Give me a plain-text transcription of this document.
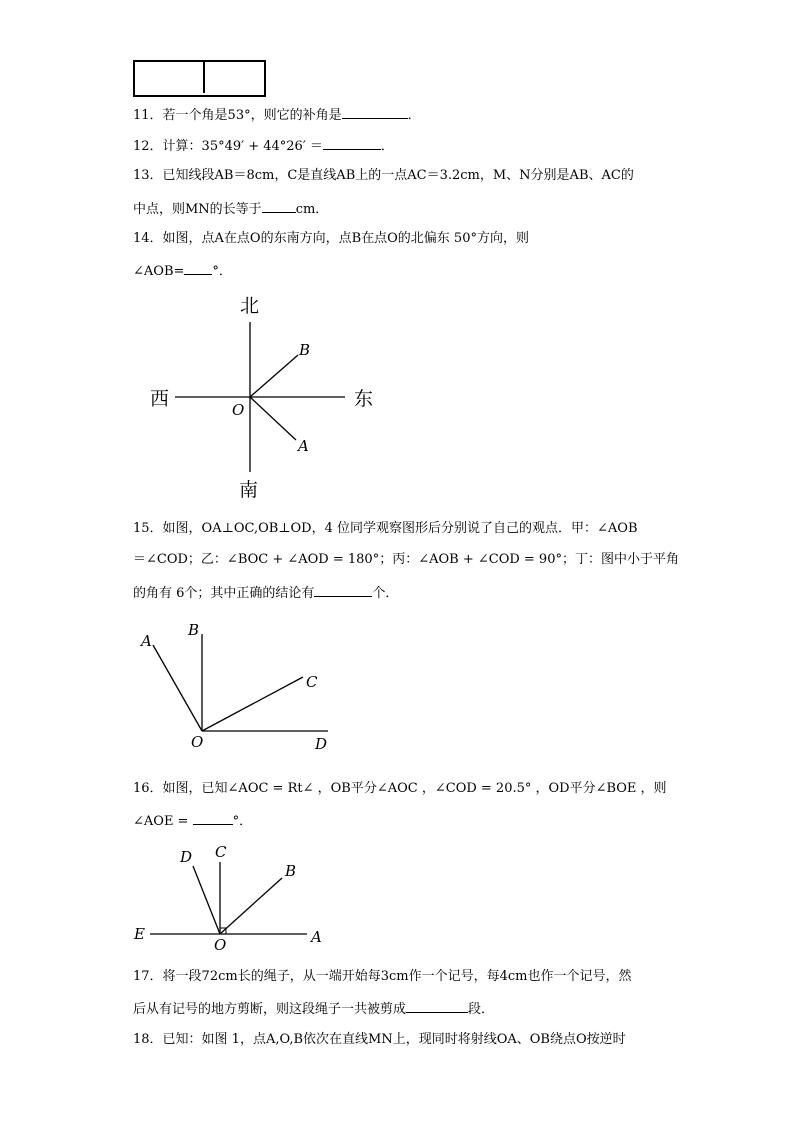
11．若一个角是53°，则它的补角是	．
12．计算：35°49′ + 44°26′ ＝	．
13．已知线段AB＝8cm，C是直线AB上的一点AC＝3.2cm，M、N分别是AB、AC的
中点，则MN的长等于	cm．
14．如图，点A在点O的东南方向，点B在点O的北偏东 50°方向，则
∠AOB= °．
北
南
西	东
O
B
A
15．如图，OA⊥OC,OB⊥OD，4 位同学观察图形后分别说了自己的观点．甲：∠AOB
＝∠COD；乙：∠BOC + ∠AOD = 180°；丙：∠AOB + ∠COD = 90°；丁：图中小于平角
的角有 6个；其中正确的结论有	个．
A
B
C
O	D
16．如图，已知∠AOC = Rt∠ ，OB平分∠AOC ，∠COD = 20.5° ，OD平分∠BOE ，则
∠AOE =	°．
D C
B
E
O	A
17．将一段72cm长的绳子，从一端开始每3cm作一个记号，每4cm也作一个记号，然
后从有记号的地方剪断，则这段绳子一共被剪成	段．
18．已知：如图 1，点A,O,B依次在直线MN上，现同时将射线OA、OB绕点O按逆时
